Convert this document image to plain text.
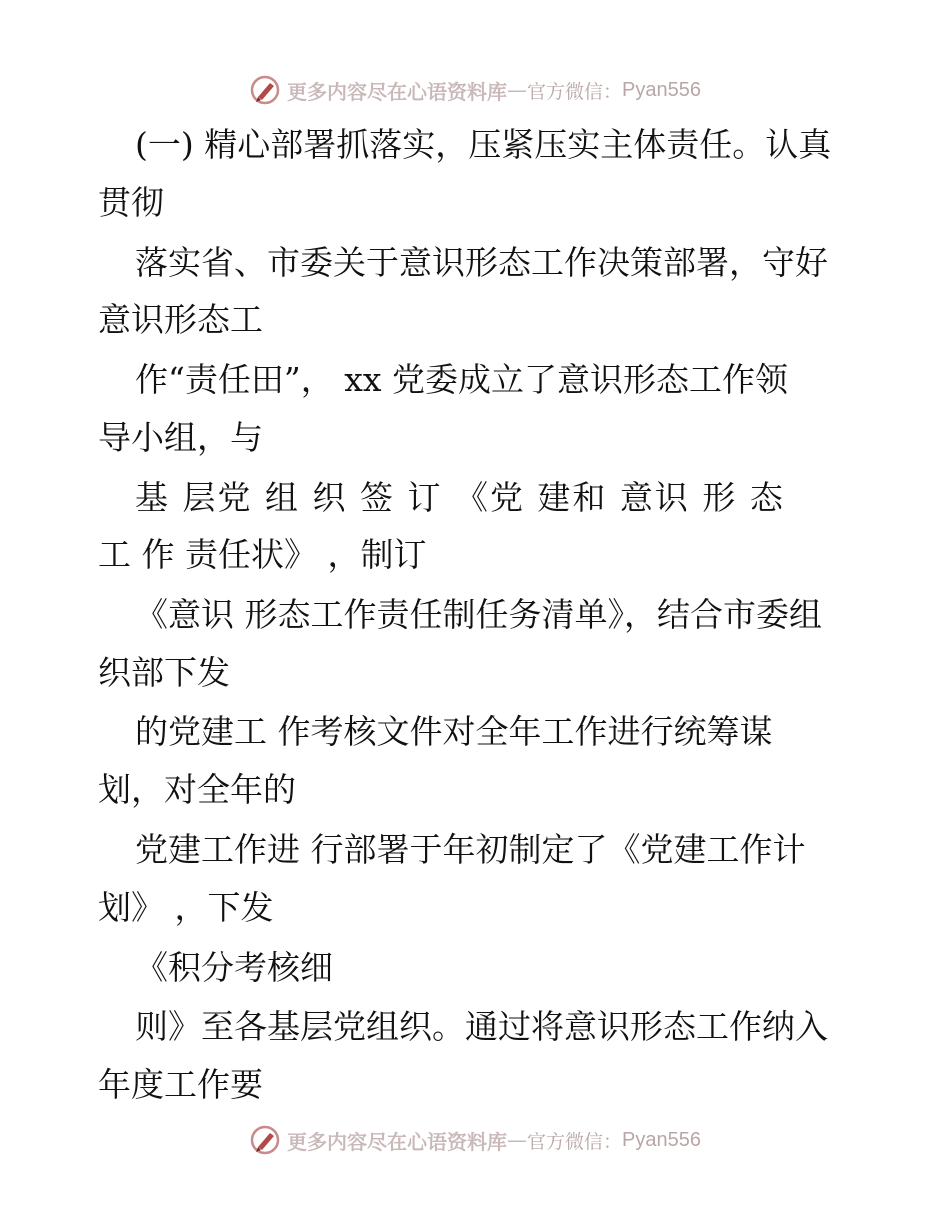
更多内容尽在心语资料库 — 官方微信： Pyan556
(一) 精心部署抓落实，压紧压实主体责任。认真
贯彻
落实省、市委关于意识形态工作决策部署，守好
意识形态工
作“责任田”， xx 党委成立了意识形态工作领
导小组，与
基 层党 组 织 签 订 《党 建和 意识 形 态
工 作 责任状》 ，制订
《意识 形态工作责任制任务清单》，结合市委组
织部下发
的党建工 作考核文件对全年工作进行统筹谋
划，对全年的
党建工作进 行部署于年初制定了《党建工作计
划》 ，下发
《积分考核细
则》至各基层党组织。通过将意识形态工作纳入
年度工作要
更多内容尽在心语资料库 — 官方微信： Pyan556
